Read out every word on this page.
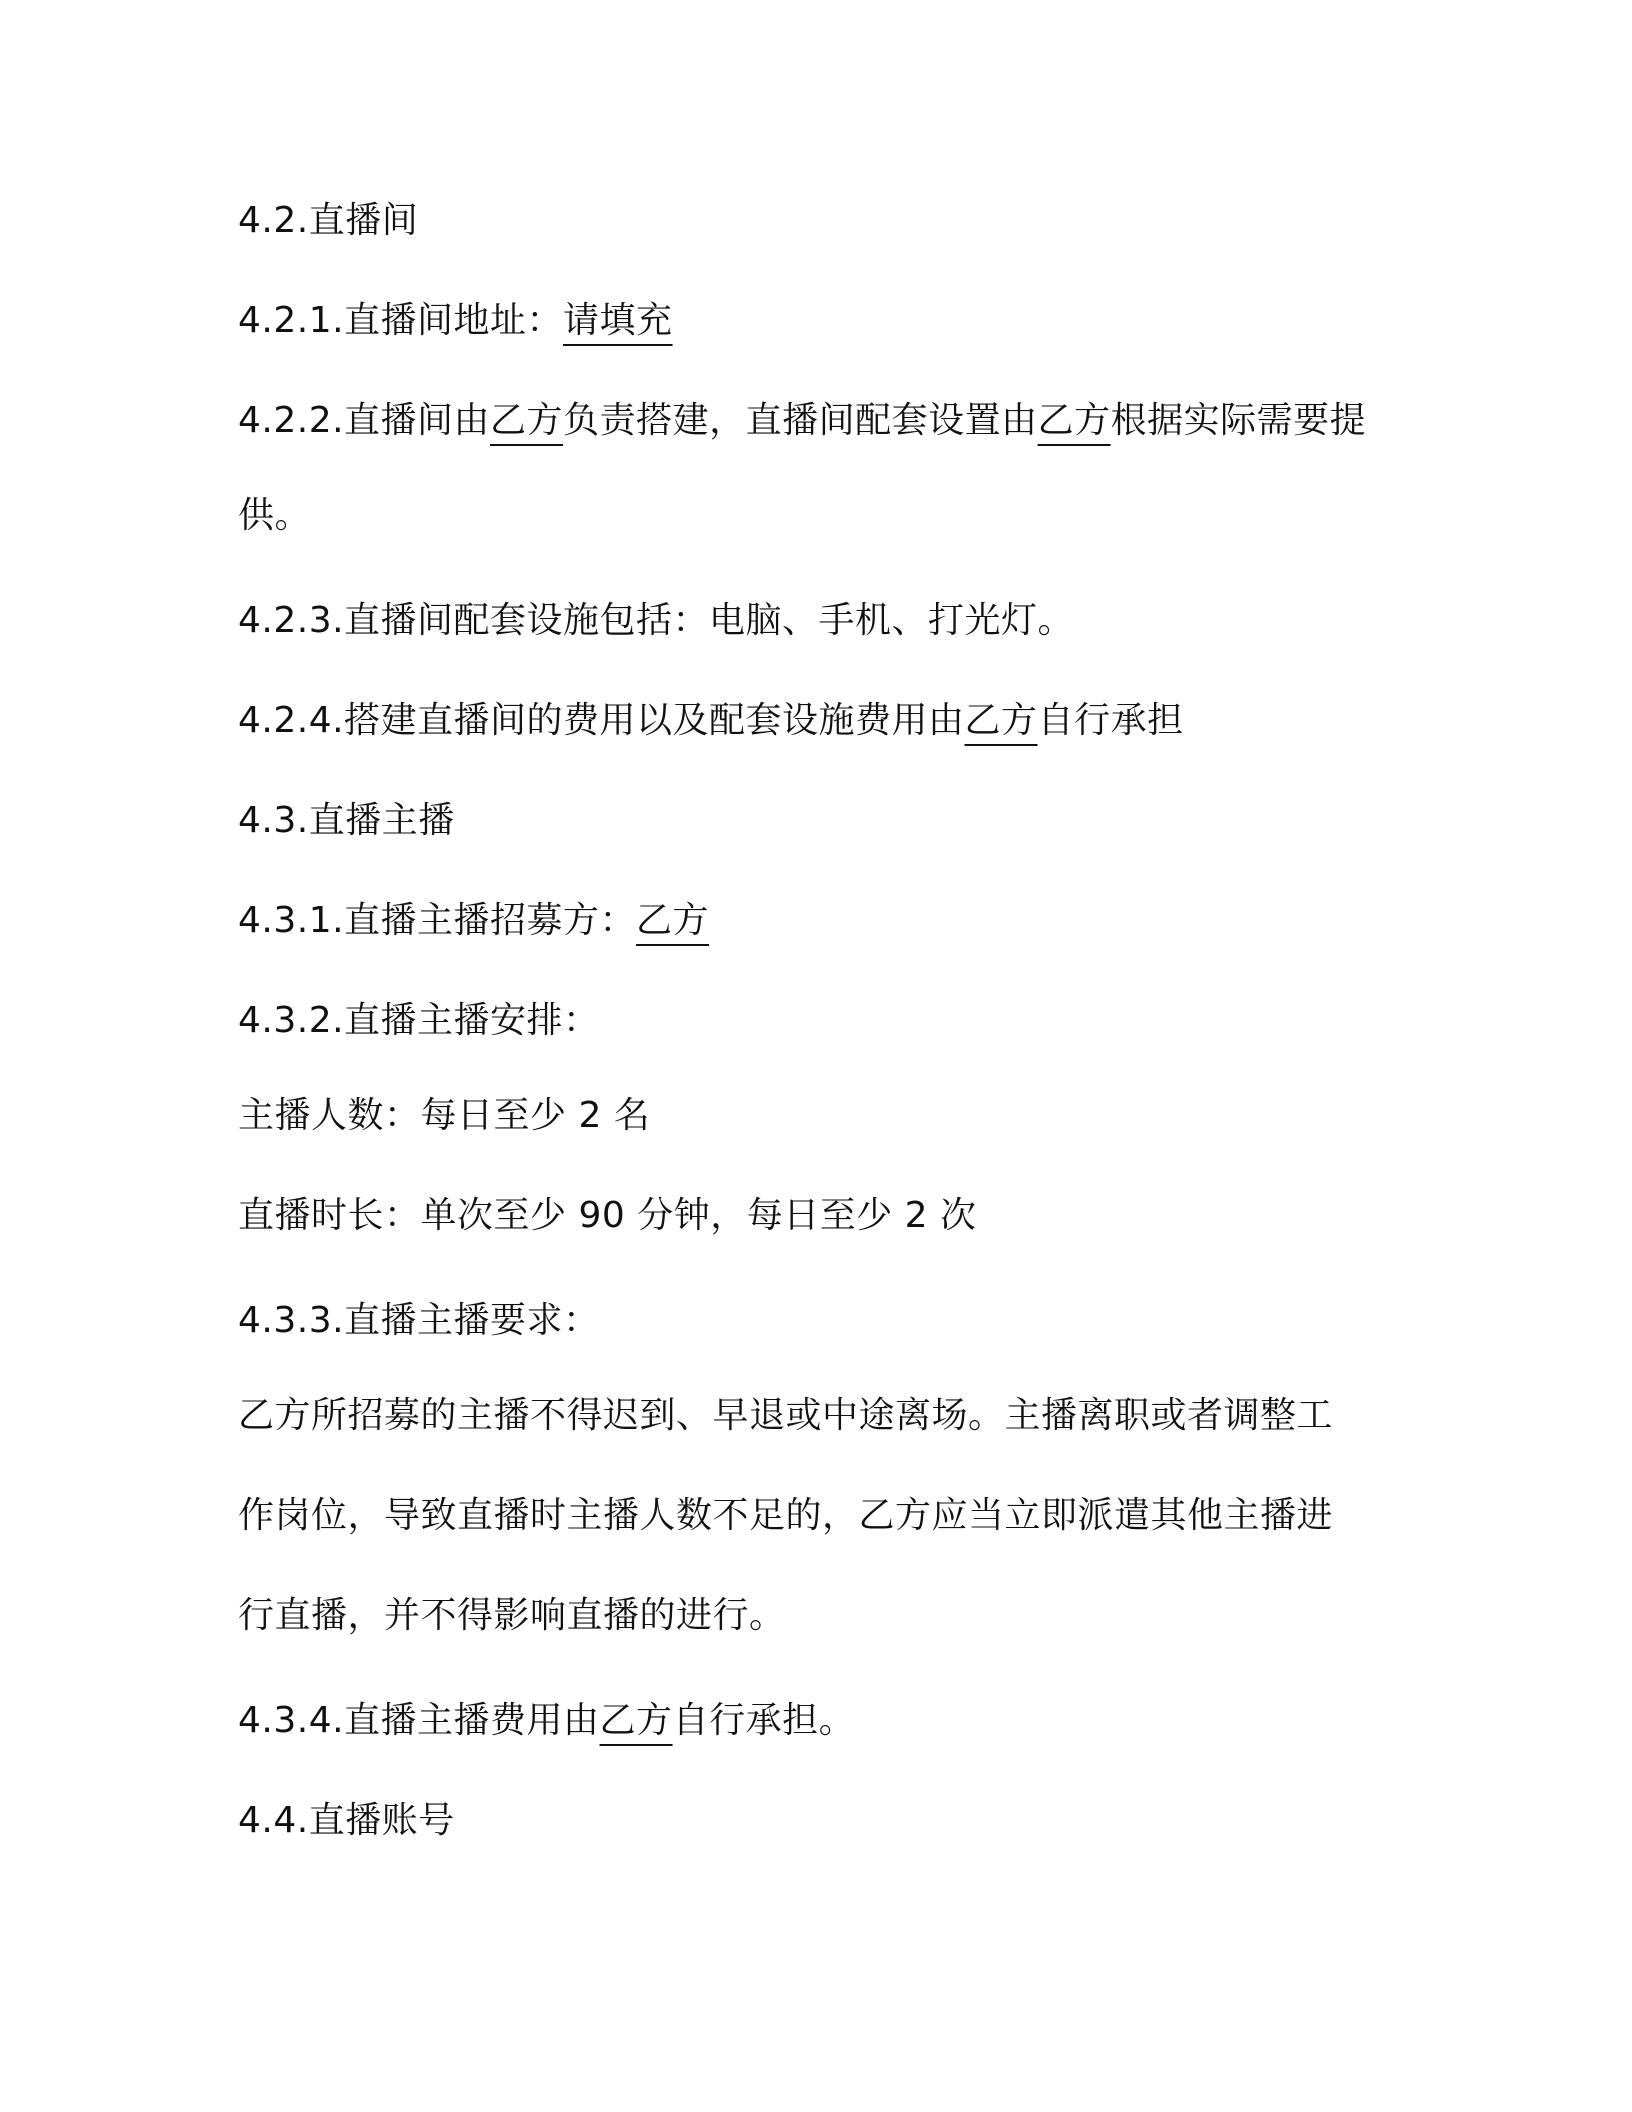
4.2.直播间
4.2.1.直播间地址：请填充
4.2.2.直播间由乙方负责搭建，直播间配套设置由乙方根据实际需要提
供。
4.2.3.直播间配套设施包括：电脑、手机、打光灯。
4.2.4.搭建直播间的费用以及配套设施费用由乙方自行承担
4.3.直播主播
4.3.1.直播主播招募方：乙方
4.3.2.直播主播安排：
主播人数：每日至少 2 名
直播时长：单次至少 90 分钟，每日至少 2 次
4.3.3.直播主播要求：
乙方所招募的主播不得迟到、早退或中途离场。主播离职或者调整工
作岗位，导致直播时主播人数不足的，乙方应当立即派遣其他主播进
行直播，并不得影响直播的进行。
4.3.4.直播主播费用由乙方自行承担。
4.4.直播账号
